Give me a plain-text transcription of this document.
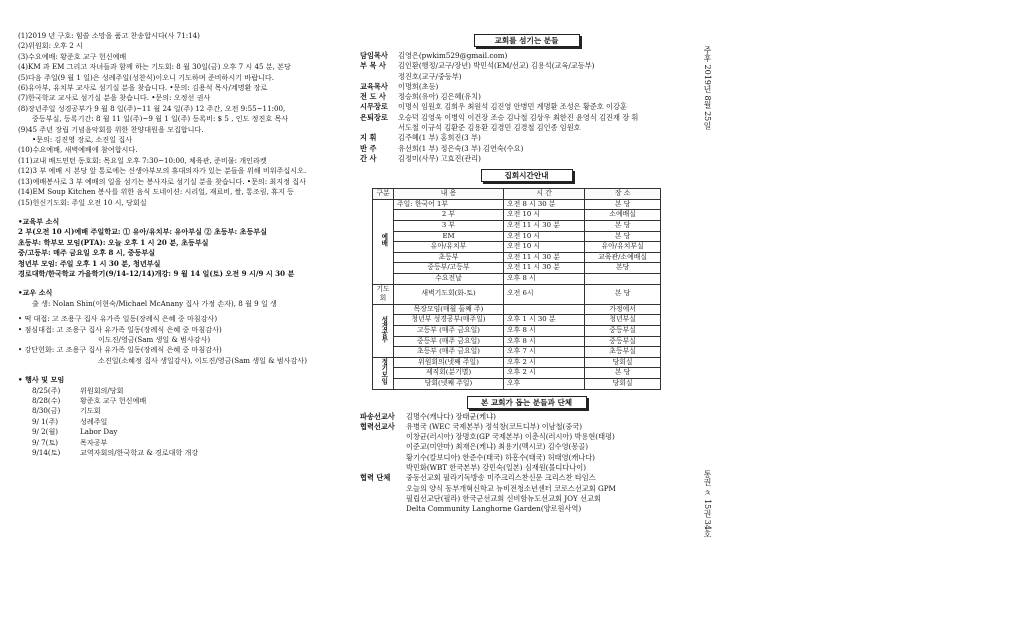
(1)2019 년 구호: 힘쓸 소망을 품고 찬송합시다(사 71:14)
(2)위원회: 오후 2 시
(3)수요예배: 황준호 교구 헌신예배
(4)KM 과 EM 그리고 자녀들과 함께 하는 기도회: 8 월 30일(금) 오후 7 시 45 분, 본당
(5)다음 주일(9 월 1 일)은 성례주일(성찬식)이오니 기도하며 준비하시기 바랍니다.
(6)유아부, 유치부 교사로 섬기실 분을 찾습니다. •문의: 김용석 목사/계명환 장로
(7)한국학교 교사로 섬기실 분을 찾습니다. •문의: 오정선 권사
(8)장년주일 성경공부가 9 월 8 일(주)~11 월 24 일(주) 12 주간, 오전 9:55~11:00,
중등부실, 등록기간: 8 월 11 일(주)~9 월 1 일(주) 등록비: $ 5 , 인도 정진호 목사
(9)45 주년 장립 기념음악회를 위한 찬양대원을 모집합니다.
•문의: 김진영 장로, 소진일 집사
(10)수요예배, 새벽예배에 참여합시다.
(11)교내 배드민턴 동호회: 목요일 오후 7:30~10:00, 체육관, 준비물: 개인라켓
(12)3 부 예배 시 본당 앞 통로에는 신생아부모의 휴대의자가 있는 분들을 위해 비워주십시오.
(13)예배봉사로 3 부 예배의 일을 섬기는 봉사자로 섬기실 분을 찾습니다. •문의: 최지정 집사
(14)EM Soup Kitchen 봉사를 위한 음식 도네이션: 시리얼, 재료비, 쌀, 통조림, 휴지 등
(15)헌신기도회: 주일 오전 10 시, 당회실
•교육부 소식
2 부(오전 10 시)예배 주일학교: ① 유아/유치부: 유아부실 ② 초등부: 초등부실
초등부: 학부모 모임(PTA): 오늘 오후 1 시 20 분, 초등부실
중/고등부: 매주 금요일 오후 8 시, 중등부실
청년부 모임: 주일 오후 1 시 30 분, 청년부실
경로대학/한국학교 가을학기(9/14-12/14)개강: 9 월 14 일(토) 오전 9 시/9 시 30 분
•교우 소식
출 생: Nolan Shin(이현숙/Michael McAnany 집사 가정 손자), 8 월 9 일 생
• 떡 대접: 고 조용구 집사 유가족 일동(장례식 은혜 중 마침감사)
• 점심대접: 고 조용구 집사 유가족 일동(장례식 은혜 중 마침감사)
이도진/영금(Sam 생일 & 범사감사)
• 강단헌화: 고 조용구 집사 유가족 일동(장례식 은혜 중 마침감사)
소진일(소혜정 집사 생일감사), 이도진/영금(Sam 생일 & 범사감사)
• 행사 및 모임
8/25(주)	위원회의/당회
8/28(수)	황준호 교구 헌신예배
8/30(금)	기도회
9/ 1(주)	성례주일
9/ 2(월)	Labor Day
9/ 7(토)	목자공부
9/14(토)	교역자회의/한국학교 & 경로대학 개강
교회를 섬기는 분들
담임목사	김영은(pwkim529@gmail.com)
부 목 사	김인환(행정/교구/장년) 박민석(EM/선교) 김용석(교육/교등부)
정진호(교구/중등부)
교육목사	이명희(초등)
전 도 사	정승희(유아) 김은혜(유치)
시무장로	이명식 임원호 김희우 최원석 김진영 안병민 계명환 조성은 황준호 이강훈
은퇴장로	오승덕 김영욱 이병익 이건장 조승 김나철 김상우 최한진 윤영식 김진재 장 휘
서도철 이규석 김환준 김용환 김경민 김경철 김인종 임원호
지 휘	김주혜(1 부) 홍희진(3 부)
반 주	유선희(1 부) 정은숙(3 부) 김연숙(수요)
간 사	김정미(사무) 고효진(관리)
집회시간안내
구분	내 용	시 간	장 소
예배	주일: 한국어 1부	오전 8 시 30 분	본 당
	2 부	오전 10 시	소예배실
	3 부	오전 11 시 30 분	본 당
	EM	오전 10 시	본 당
	유아/유치부	오전 10 시	유아/유치부실
	초등부	오전 11 시 30 분	교육관/소예배실
	중등부/고등부	오전 11 시 30 분	본당
	수요전날	오후 8 시	
기도회	새벽기도회(화-토)	오전 6시	본 당
성경공부	목장모임(매월 둘째 주)		가정에서
	청년부 성경공부(매주일)	오후 1 시 30 분	청년부실
	고등부 (매주 금요일)	오후 8 시	중등부실
	중등부 (매주 금요일)	오후 8 시	중등부실
	초등부 (매주 금요일)	오후 7 시	초등부실
정기모임	위원회의(넷째 주일)	오후 2 시	당회실
	제직회(분기별)	오후 2 시	본 당
	당회(넷째 주일)	오후	당회실
본 교회가 돕는 분들과 단체
파송선교사	김명수(캐나다) 장태균(케냐)
협력선교사	유병국 (WEC 국제본부) 정석창(코트디부) 이남철(중국)
이창균(러시아) 장명호(GP 국제본부) 이춘식(러시아) 박용현(태평)
이준교(미얀마) 최재은(케냐) 최용기(멕시코) 김수영(몽골)
황기수(칼보디아) 한준수(태국) 하흥수(태국) 허태영(캐나다)
박민화(WBT 한국본부) 강민숙(일본) 심재원(몰디다나이)
협력 단체	중동선교회 필라기독방송 미주크리스찬신문 크리스찬 타임스
오늘의 양식 동부개혁신학교 뉴비전청소년센터 코로스선교회 GPM
필립선교단(필라) 한국군선교회 신비함뉴도선교회 JOY 선교회
Delta Community Langhorne Garden(양로원사역)
주후 2019년 8월 25일
통권 ㅊ 15권 34호
